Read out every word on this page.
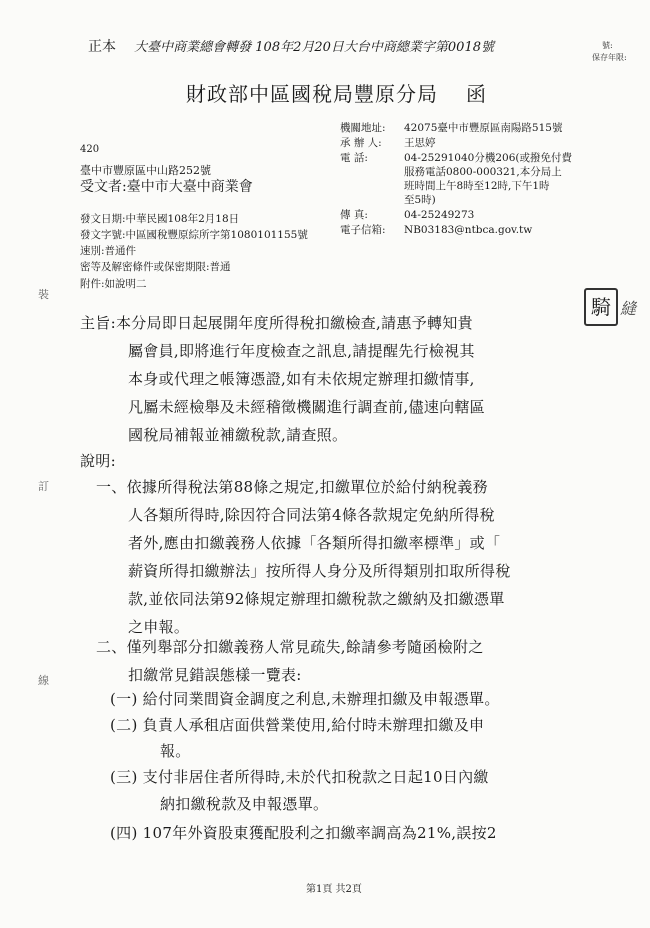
正本 大臺中商業總會轉發 108年2月20日大台中商總業字第0018號	號:
保存年限:
財政部中區國稅局豐原分局 函
機關地址: 42075臺中市豐原區南陽路515號
承 辦 人: 王思婷
電 話:	04-25291040分機206(或撥免付費
服務電話0800-000321,本分局上
班時間上午8時至12時,下午1時
至5時)
傳 真:	04-25249273
電子信箱: NB03183@ntbca.gov.tw
420
臺中市豐原區中山路252號
受文者:臺中市大臺中商業會
發文日期:中華民國108年2月18日
發文字號:中區國稅豐原綜所字第1080101155號
速別:普通件
密等及解密條件或保密期限:普通
附件:如說明二
裝
訂
線
騎 縫
主旨:本分局即日起展開年度所得稅扣繳檢查,請惠予轉知貴
屬會員,即將進行年度檢查之訊息,請提醒先行檢視其
本身或代理之帳簿憑證,如有未依規定辦理扣繳情事,
凡屬未經檢舉及未經稽徵機關進行調查前,儘速向轄區
國稅局補報並補繳稅款,請查照。
說明:
一、依據所得稅法第88條之規定,扣繳單位於給付納稅義務
人各類所得時,除因符合同法第4條各款規定免納所得稅
者外,應由扣繳義務人依據「各類所得扣繳率標準」或「
薪資所得扣繳辦法」按所得人身分及所得類別扣取所得稅
款,並依同法第92條規定辦理扣繳稅款之繳納及扣繳憑單
之申報。
二、僅列舉部分扣繳義務人常見疏失,餘請參考隨函檢附之
扣繳常見錯誤態樣一覽表:
(一) 給付同業間資金調度之利息,未辦理扣繳及申報憑單。
(二) 負責人承租店面供營業使用,給付時未辦理扣繳及申
報。
(三) 支付非居住者所得時,未於代扣稅款之日起10日內繳
納扣繳稅款及申報憑單。
(四) 107年外資股東獲配股利之扣繳率調高為21%,誤按2
第1頁 共2頁
